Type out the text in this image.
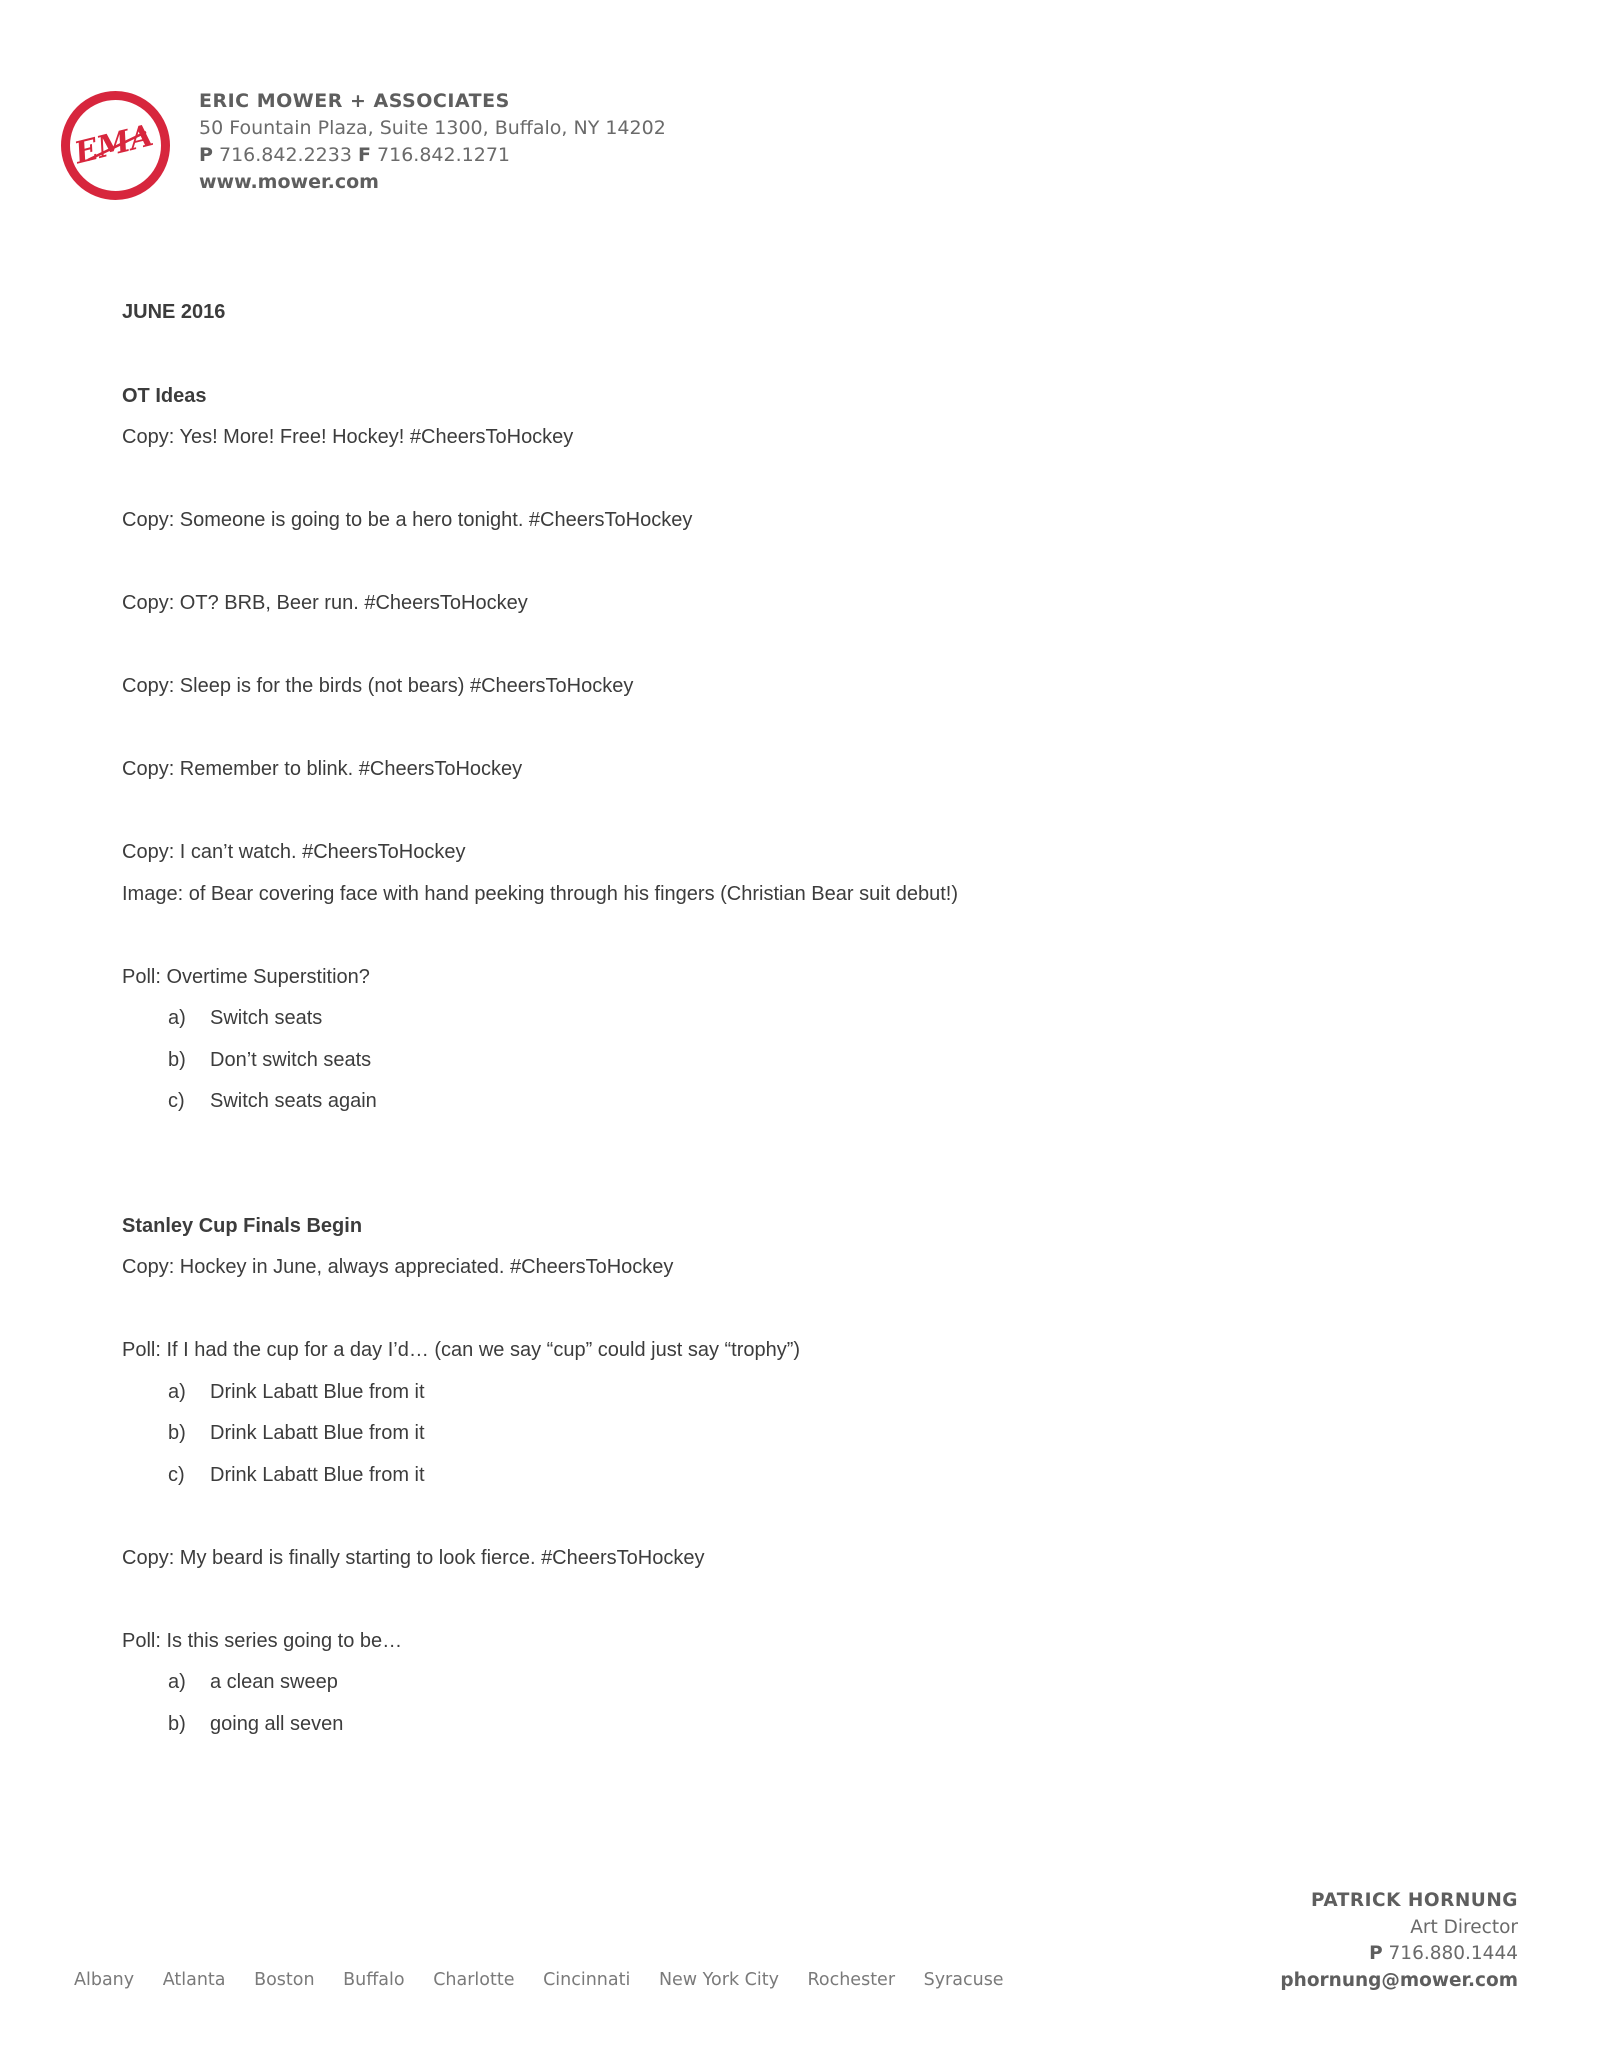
EMA
ERIC MOWER + ASSOCIATES
50 Fountain Plaza, Suite 1300, Buffalo, NY 14202
P 716.842.2233 F 716.842.1271
www.mower.com
JUNE 2016
OT Ideas
Copy: Yes! More! Free! Hockey! #CheersToHockey
Copy: Someone is going to be a hero tonight. #CheersToHockey
Copy: OT? BRB, Beer run. #CheersToHockey
Copy: Sleep is for the birds (not bears) #CheersToHockey
Copy: Remember to blink. #CheersToHockey
Copy: I can’t watch. #CheersToHockey
Image: of Bear covering face with hand peeking through his fingers (Christian Bear suit debut!)
Poll: Overtime Superstition?
a) Switch seats
b) Don’t switch seats
c) Switch seats again
Stanley Cup Finals Begin
Copy: Hockey in June, always appreciated. #CheersToHockey
Poll: If I had the cup for a day I’d… (can we say “cup” could just say “trophy”)
a) Drink Labatt Blue from it
b) Drink Labatt Blue from it
c) Drink Labatt Blue from it
Copy: My beard is finally starting to look fierce. #CheersToHockey
Poll: Is this series going to be…
a) a clean sweep
b) going all seven
Albany Atlanta Boston Buffalo Charlotte Cincinnati New York City Rochester Syracuse
PATRICK HORNUNG
Art Director
P 716.880.1444
phornung@mower.com
